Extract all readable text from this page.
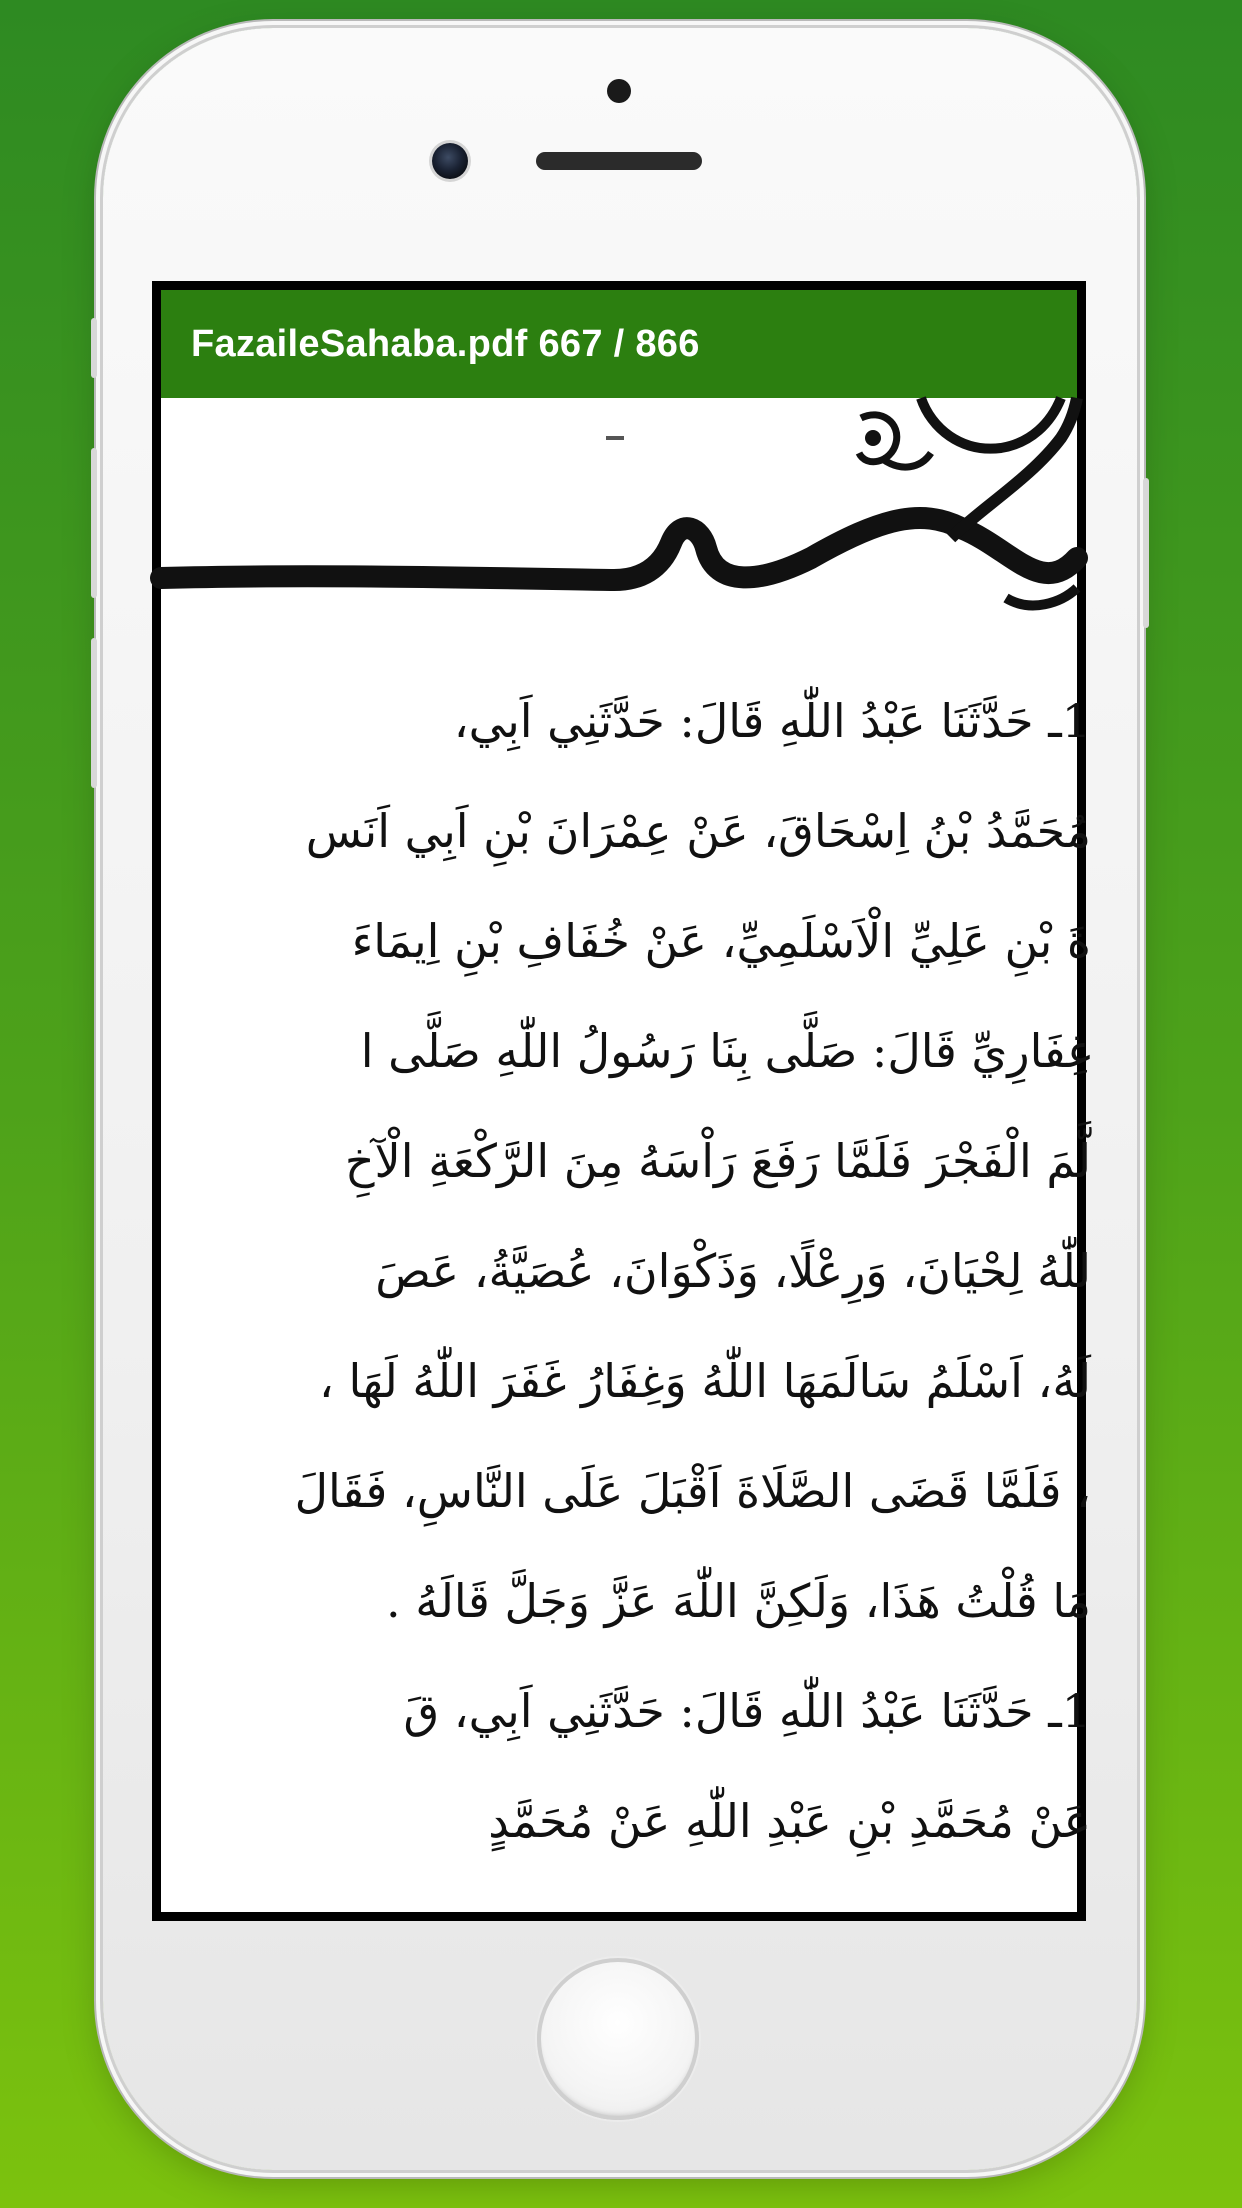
FazaileSahaba.pdf 667 / 866
1ـ حَدَّثَنَا عَبْدُ اللّٰهِ قَالَ: حَدَّثَنِي اَبِي،
مُحَمَّدُ بْنُ اِسْحَاقَ، عَنْ عِمْرَانَ بْنِ اَبِي اَنَس
ةَ بْنِ عَلِيِّ الْاَسْلَمِيِّ، عَنْ خُفَافِ بْنِ اِيمَاءَ
غِفَارِيِّ قَالَ: صَلَّى بِنَا رَسُولُ اللّٰهِ صَلَّى ا
لَّمَ الْفَجْرَ فَلَمَّا رَفَعَ رَاْسَهُ مِنَ الرَّكْعَةِ الْآخِ
للّٰهُ لِحْيَانَ، وَرِعْلًا، وَذَكْوَانَ، عُصَيَّةُ، عَصَ
لَهُ، اَسْلَمُ سَالَمَهَا اللّٰهُ وَغِفَارُ غَفَرَ اللّٰهُ لَهَا ،
، فَلَمَّا قَضَى الصَّلَاةَ اَقْبَلَ عَلَى النَّاسِ، فَقَالَ
مَا قُلْتُ هَذَا، وَلَكِنَّ اللّٰهَ عَزَّ وَجَلَّ قَالَهُ .
1ـ حَدَّثَنَا عَبْدُ اللّٰهِ قَالَ: حَدَّثَنِي اَبِي، قَ
عَنْ مُحَمَّدِ بْنِ عَبْدِ اللّٰهِ عَنْ مُحَمَّدٍ
